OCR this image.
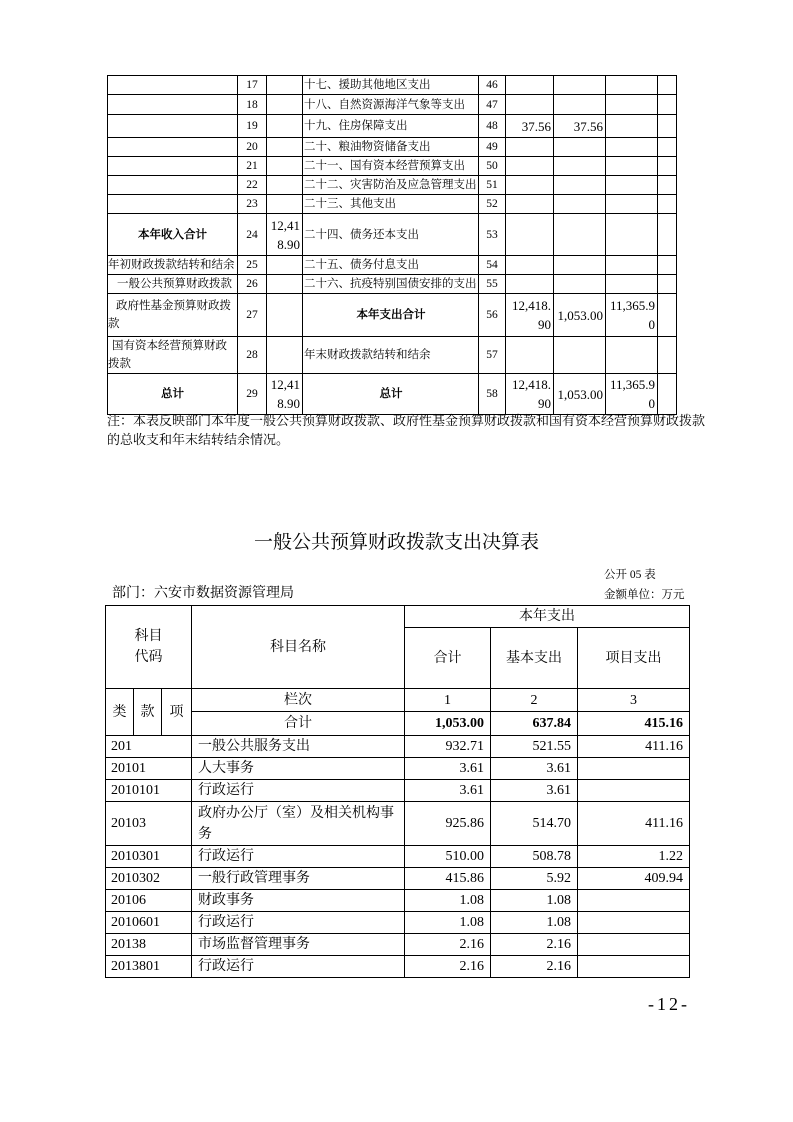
	17		十七、援助其他地区支出	46				
	18		十八、自然资源海洋气象等支出	47				
	19		十九、住房保障支出	48	37.56	37.56		
	20		二十、粮油物资储备支出	49				
	21		二十一、国有资本经营预算支出	50				
	22		二十二、灾害防治及应急管理支出	51				
	23		二十三、其他支出	52				
本年收入合计	24	12,418.90	二十四、债务还本支出	53				
年初财政拨款结转和结余	25		二十五、债务付息支出	54				
一般公共预算财政拨款	26		二十六、抗疫特别国债安排的支出	55				
政府性基金预算财政拨款	27		本年支出合计	56	12,418.90	1,053.00	11,365.90	
国有资本经营预算财政拨款	28		年末财政拨款结转和结余	57				
总计	29	12,418.90	总计	58	12,418.90	1,053.00	11,365.90	
注：本表反映部门本年度一般公共预算财政拨款、政府性基金预算财政拨款和国有资本经营预算财政拨款的总收支和年末结转结余情况。
一般公共预算财政拨款支出决算表
公开 05 表
金额单位：万元
部门：六安市数据资源管理局
科目代码			科目名称	本年支出		
				合计	基本支出	项目支出
类	款	项	栏次	1	2	3
			合计	1,053.00	637.84	415.16
201			一般公共服务支出	932.71	521.55	411.16
20101			人大事务	3.61	3.61	
2010101			行政运行	3.61	3.61	
20103			政府办公厅（室）及相关机构事务	925.86	514.70	411.16
2010301			行政运行	510.00	508.78	1.22
2010302			一般行政管理事务	415.86	5.92	409.94
20106			财政事务	1.08	1.08	
2010601			行政运行	1.08	1.08	
20138			市场监督管理事务	2.16	2.16	
2013801			行政运行	2.16	2.16	
-12-
